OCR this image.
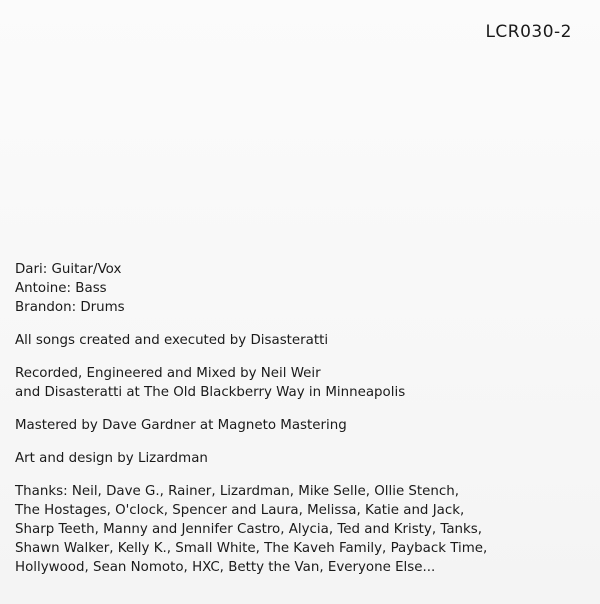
LCR030-2
Dari: Guitar/Vox
Antoine: Bass
Brandon: Drums
All songs created and executed by Disasteratti
Recorded, Engineered and Mixed by Neil Weir
and Disasteratti at The Old Blackberry Way in Minneapolis
Mastered by Dave Gardner at Magneto Mastering
Art and design by Lizardman
Thanks: Neil, Dave G., Rainer, Lizardman, Mike Selle, Ollie Stench,
The Hostages, O'clock, Spencer and Laura, Melissa, Katie and Jack,
Sharp Teeth, Manny and Jennifer Castro, Alycia, Ted and Kristy, Tanks,
Shawn Walker, Kelly K., Small White, The Kaveh Family, Payback Time,
Hollywood, Sean Nomoto, HXC, Betty the Van, Everyone Else...
